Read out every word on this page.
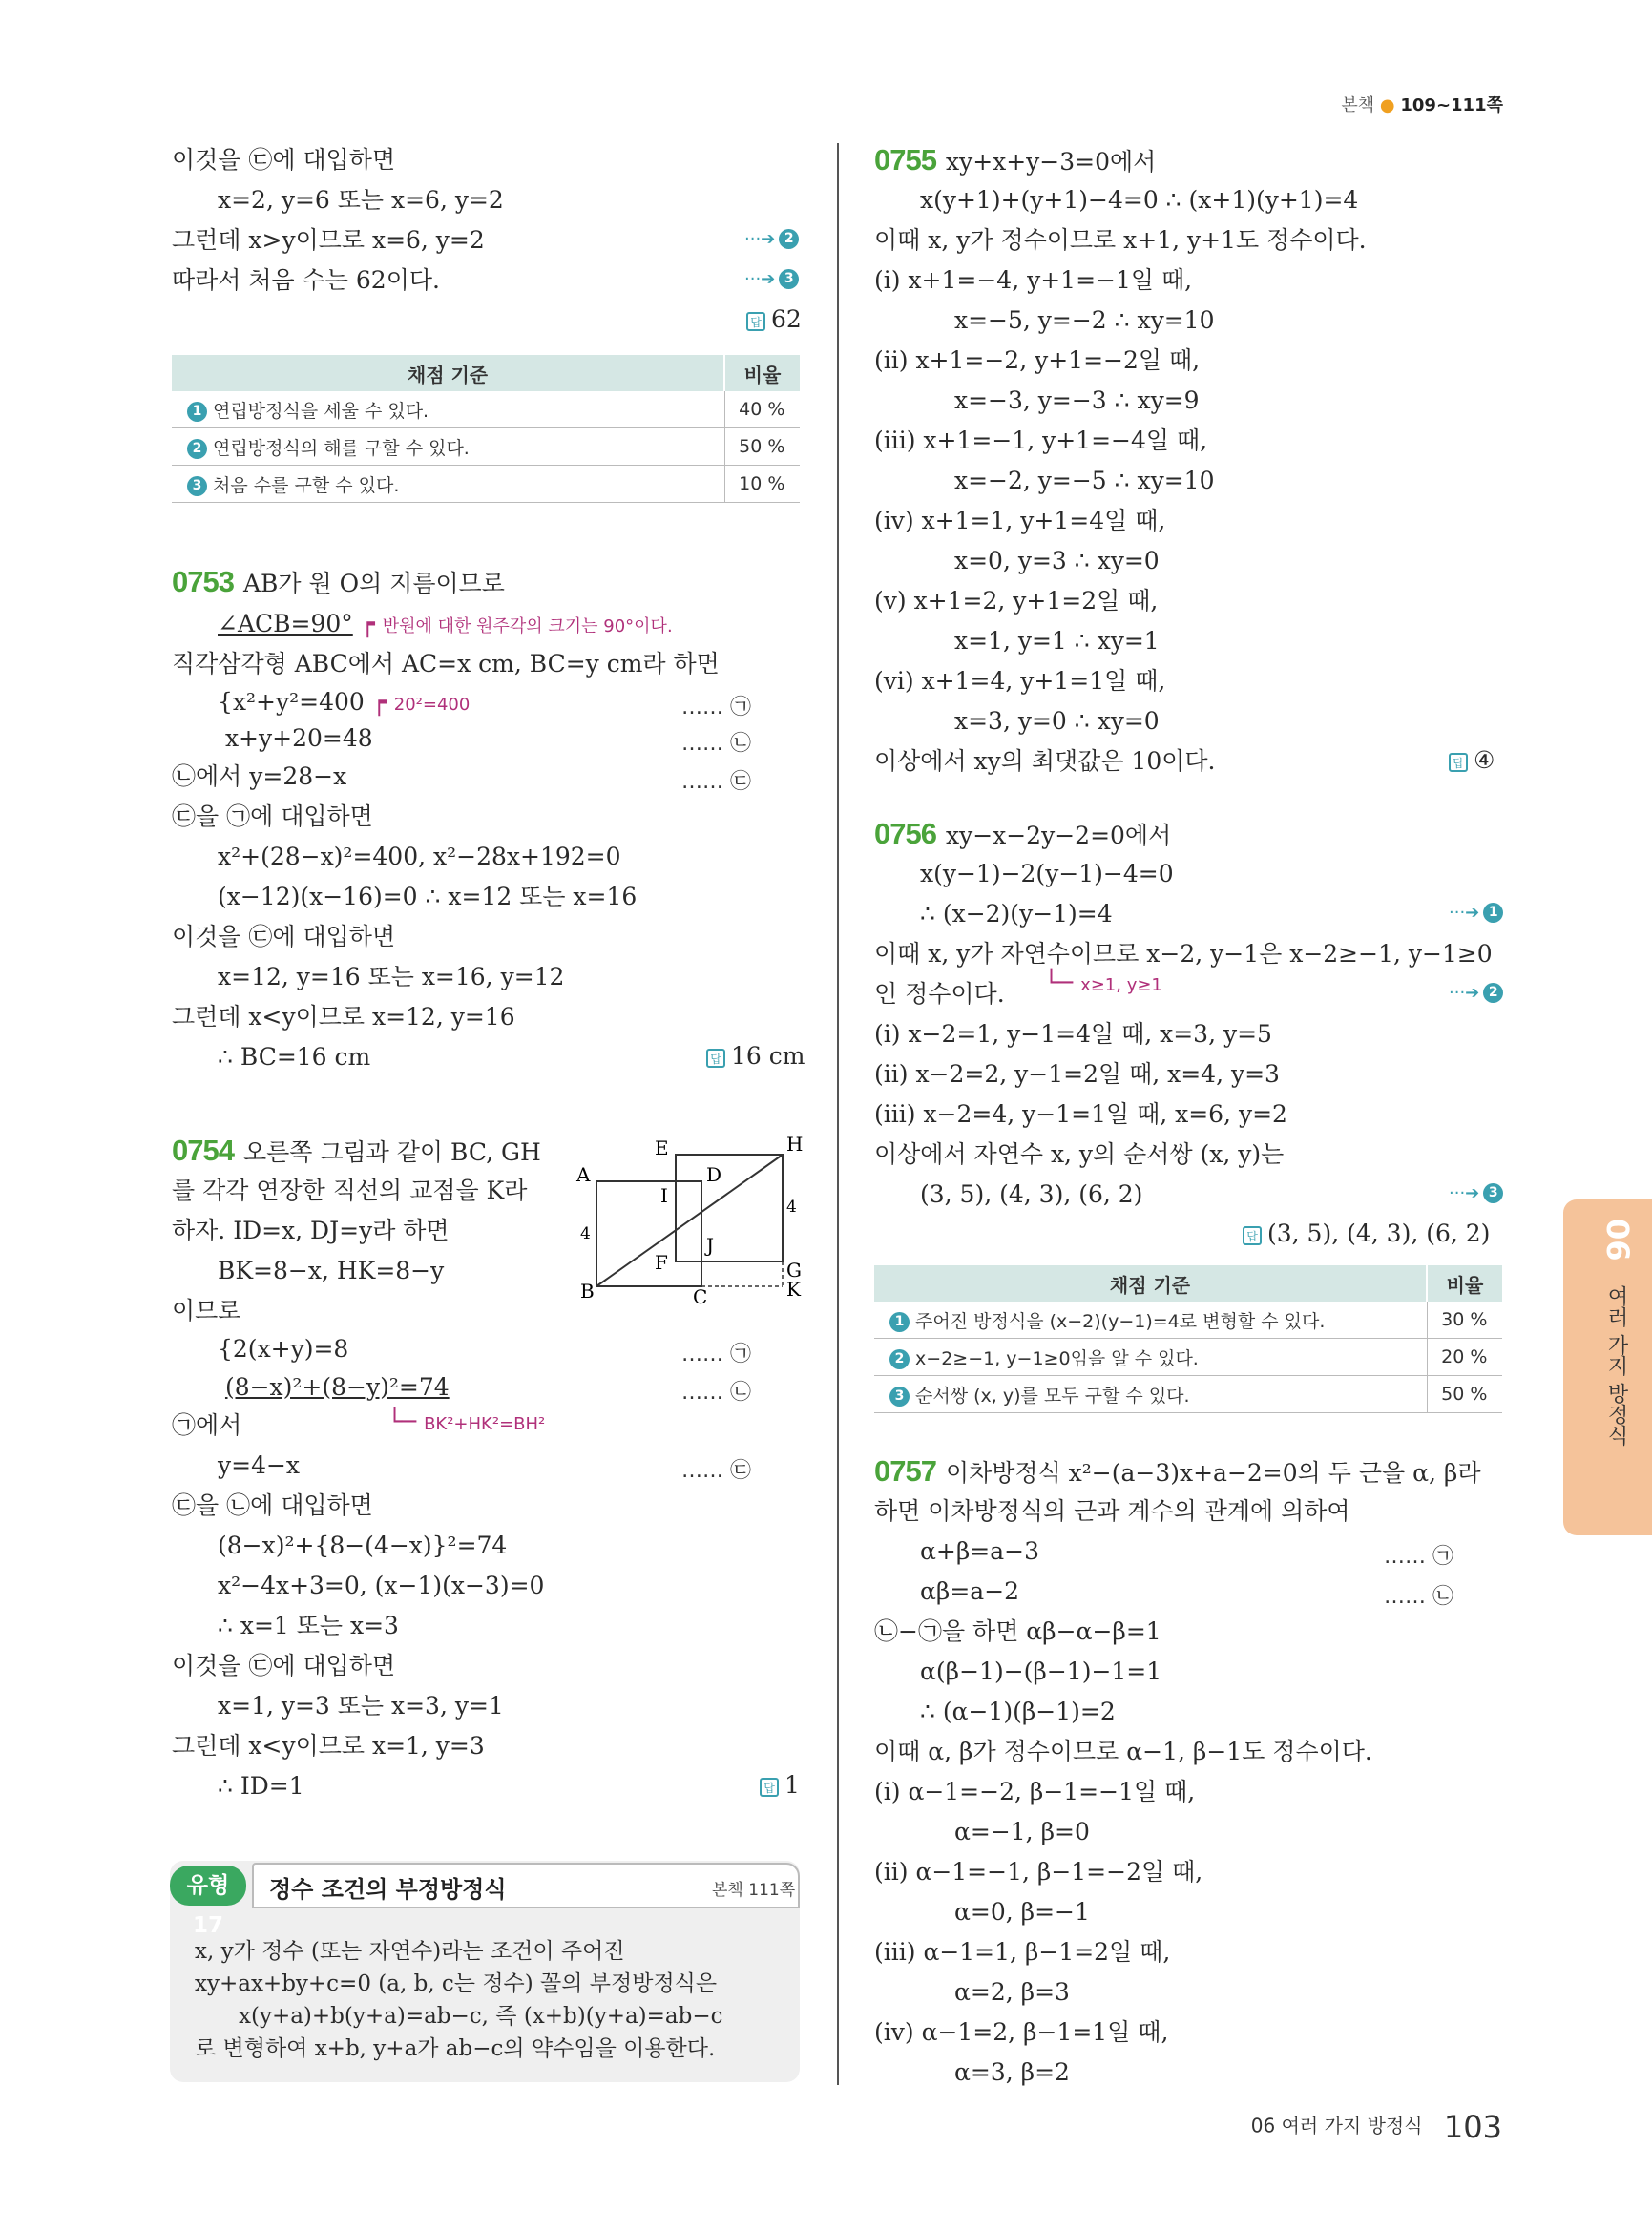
본책 ● 109~111쪽
이것을 ㉢에 대입하면
x=2, y=6 또는 x=6, y=2
그런데 x>y이므로 x=6, y=2	···➔ 2
따라서 처음 수는 62이다.	···➔ 3
답 62
채점 기준	비율
1 연립방정식을 세울 수 있다.	40 %
2 연립방정식의 해를 구할 수 있다.	50 %
3 처음 수를 구할 수 있다.	10 %
0753 AB가 원 O의 지름이므로
∠ACB=90° ┍ 반원에 대한 원주각의 크기는 90°이다.
직각삼각형 ABC에서 AC=x cm, BC=y cm라 하면
{x²+y²=400 ┍ 20²=400
x+y+20=48
…… ㉠
…… ㉡
㉡에서 y=28−x	…… ㉢
㉢을 ㉠에 대입하면
x²+(28−x)²=400, x²−28x+192=0
(x−12)(x−16)=0 ∴ x=12 또는 x=16
이것을 ㉢에 대입하면
x=12, y=16 또는 x=16, y=12
그런데 x<y이므로 x=12, y=16
∴ BC=16 cm	답 16 cm
0754 오른쪽 그림과 같이 BC, GH
를 각각 연장한 직선의 교점을 K라
하자. ID=x, DJ=y라 하면
BK=8−x, HK=8−y
이므로
A
B	C
D
E
F	G
H
I
J
K
4
4
{2(x+y)=8
(8−x)²+(8−y)²=74
…… ㉠
…… ㉡
└─ BK²+HK²=BH²
㉠에서
y=4−x	…… ㉢
㉢을 ㉡에 대입하면
(8−x)²+{8−(4−x)}²=74
x²−4x+3=0, (x−1)(x−3)=0
∴ x=1 또는 x=3
이것을 ㉢에 대입하면
x=1, y=3 또는 x=3, y=1
그런데 x<y이므로 x=1, y=3
∴ ID=1	답 1
유형 17
정수 조건의 부정방정식	본책 111쪽
x, y가 정수 (또는 자연수)라는 조건이 주어진
xy+ax+by+c=0 (a, b, c는 정수) 꼴의 부정방정식은
x(y+a)+b(y+a)=ab−c, 즉 (x+b)(y+a)=ab−c
로 변형하여 x+b, y+a가 ab−c의 약수임을 이용한다.
0755 xy+x+y−3=0에서
x(y+1)+(y+1)−4=0 ∴ (x+1)(y+1)=4
이때 x, y가 정수이므로 x+1, y+1도 정수이다.
(ⅰ) x+1=−4, y+1=−1일 때,
x=−5, y=−2 ∴ xy=10
(ⅱ) x+1=−2, y+1=−2일 때,
x=−3, y=−3 ∴ xy=9
(ⅲ) x+1=−1, y+1=−4일 때,
x=−2, y=−5 ∴ xy=10
(ⅳ) x+1=1, y+1=4일 때,
x=0, y=3 ∴ xy=0
(ⅴ) x+1=2, y+1=2일 때,
x=1, y=1 ∴ xy=1
(ⅵ) x+1=4, y+1=1일 때,
x=3, y=0 ∴ xy=0
이상에서 xy의 최댓값은 10이다.	답 ④
0756 xy−x−2y−2=0에서
x(y−1)−2(y−1)−4=0
∴ (x−2)(y−1)=4	···➔ 1
이때 x, y가 자연수이므로 x−2, y−1은 x−2≥−1, y−1≥0
인 정수이다. └─ x≥1, y≥1	···➔ 2
(ⅰ) x−2=1, y−1=4일 때, x=3, y=5
(ⅱ) x−2=2, y−1=2일 때, x=4, y=3
(ⅲ) x−2=4, y−1=1일 때, x=6, y=2
이상에서 자연수 x, y의 순서쌍 (x, y)는
(3, 5), (4, 3), (6, 2)	···➔ 3
답 (3, 5), (4, 3), (6, 2)
채점 기준	비율
1 주어진 방정식을 (x−2)(y−1)=4로 변형할 수 있다.	30 %
2 x−2≥−1, y−1≥0임을 알 수 있다.	20 %
3 순서쌍 (x, y)를 모두 구할 수 있다.	50 %
0757 이차방정식 x²−(a−3)x+a−2=0의 두 근을 α, β라
하면 이차방정식의 근과 계수의 관계에 의하여
α+β=a−3	…… ㉠
αβ=a−2	…… ㉡
㉡−㉠을 하면 αβ−α−β=1
α(β−1)−(β−1)−1=1
∴ (α−1)(β−1)=2
이때 α, β가 정수이므로 α−1, β−1도 정수이다.
(ⅰ) α−1=−2, β−1=−1일 때,
α=−1, β=0
(ⅱ) α−1=−1, β−1=−2일 때,
α=0, β=−1
(ⅲ) α−1=1, β−1=2일 때,
α=2, β=3
(ⅳ) α−1=2, β−1=1일 때,
α=3, β=2
06
여러 가지 방정식
06 여러 가지 방정식 103
